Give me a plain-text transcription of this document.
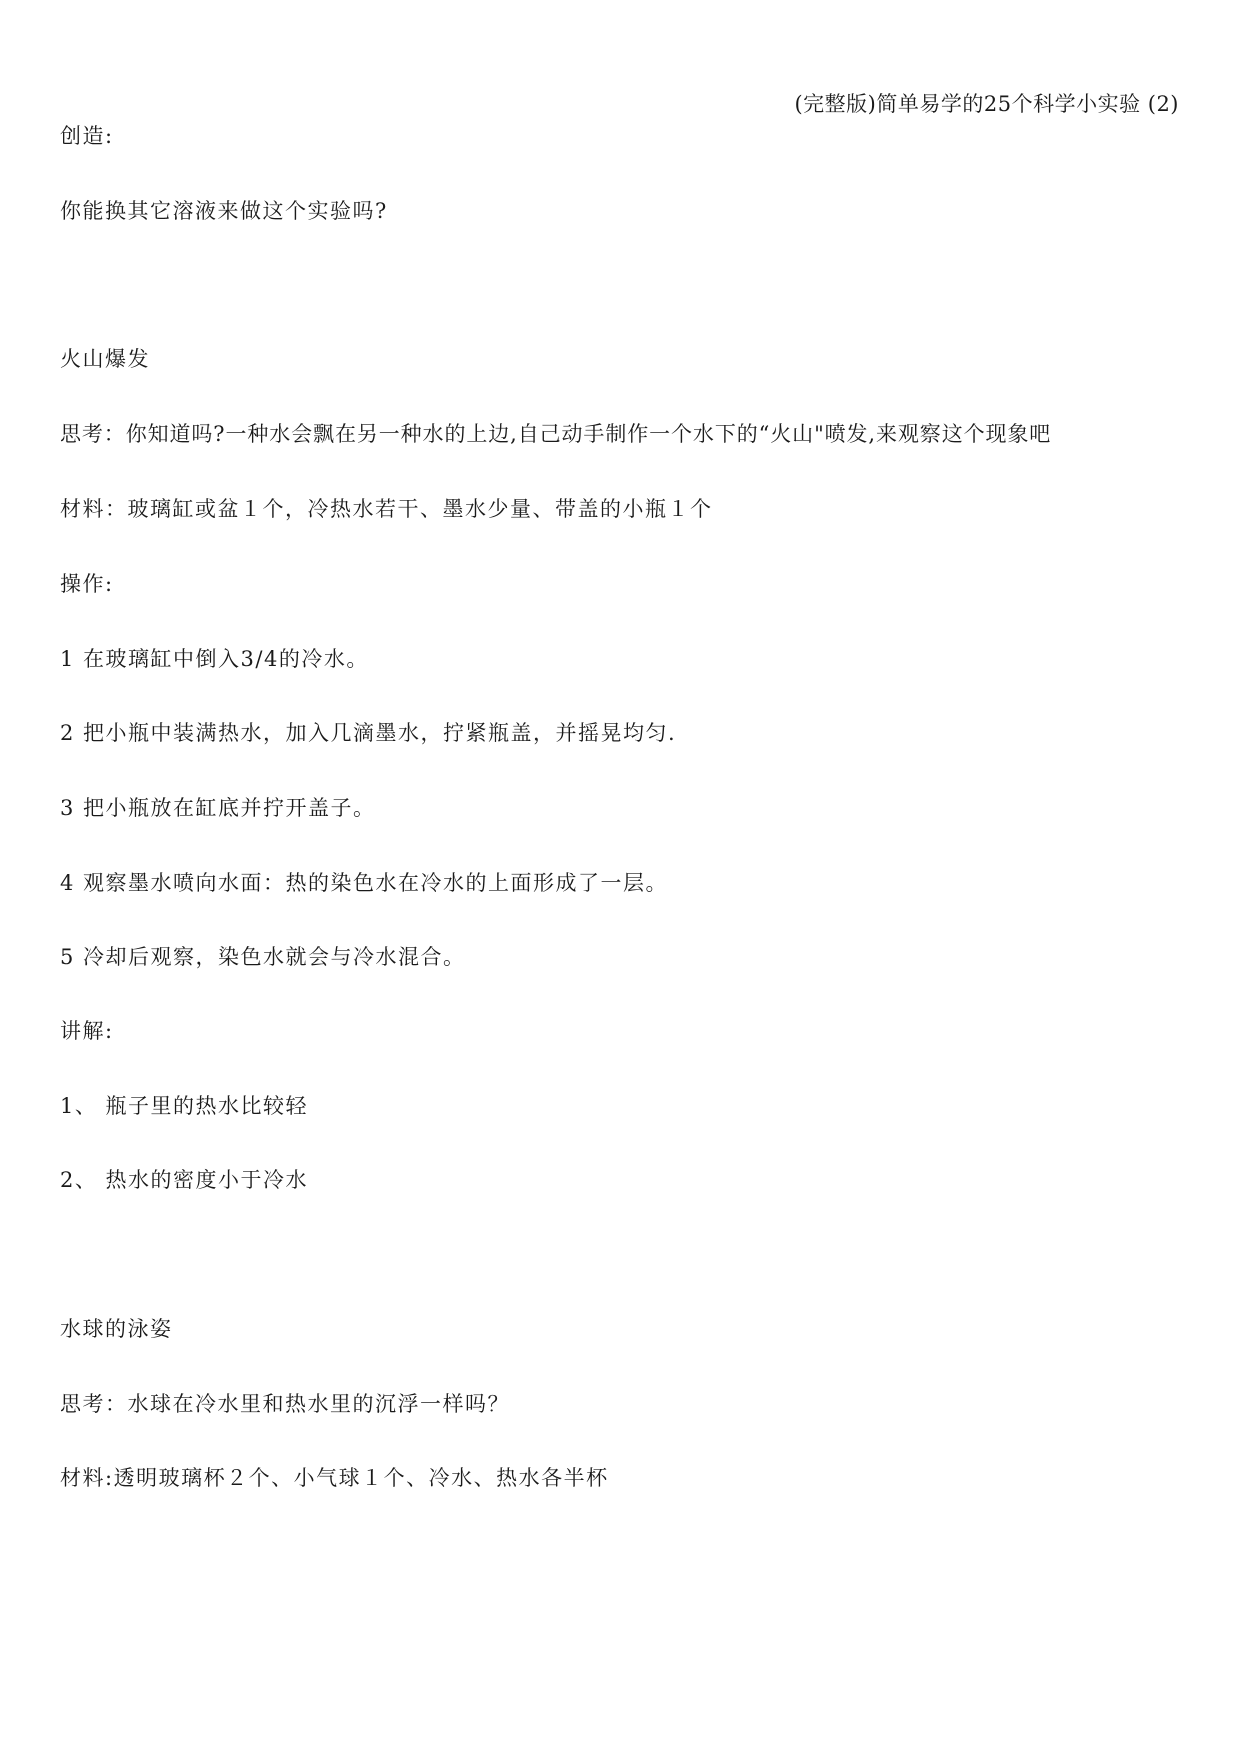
(完整版)简单易学的25个科学小实验 (2)
创造:
你能换其它溶液来做这个实验吗?
火山爆发
思考：你知道吗?一种水会飘在另一种水的上边,自己动手制作一个水下的“火山"喷发,来观察这个现象吧
材料：玻璃缸或盆１个，冷热水若干、墨水少量、带盖的小瓶１个
操作:
1 在玻璃缸中倒入3/4的冷水。
2 把小瓶中装满热水，加入几滴墨水，拧紧瓶盖，并摇晃均匀.
3 把小瓶放在缸底并拧开盖子。
4 观察墨水喷向水面：热的染色水在冷水的上面形成了一层。
5 冷却后观察，染色水就会与冷水混合。
讲解:
1、 瓶子里的热水比较轻
2、 热水的密度小于冷水
水球的泳姿
思考：水球在冷水里和热水里的沉浮一样吗？
材料:透明玻璃杯２个、小气球１个、冷水、热水各半杯
